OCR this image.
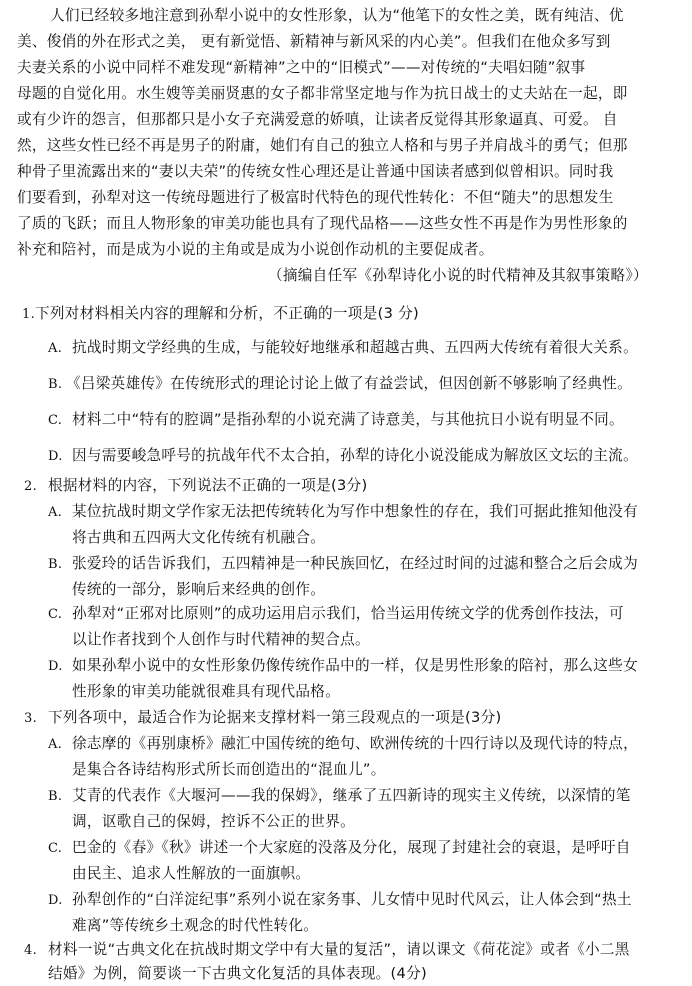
人们已经较多地注意到孙犁小说中的女性形象，认为“他笔下的女性之美，既有纯洁、优
美、俊俏的外在形式之美， 更有新觉悟、新精神与新风采的内心美”。但我们在他众多写到
夫妻关系的小说中同样不难发现“新精神”之中的“旧模式”——对传统的“夫唱妇随”叙事
母题的自觉化用。水生嫂等美丽贤惠的女子都非常坚定地与作为抗日战士的丈夫站在一起，即
或有少许的怨言，但那都只是小女子充满爱意的娇嗔，让读者反觉得其形象逼真、可爱。 自
然，这些女性已经不再是男子的附庸，她们有自己的独立人格和与男子并肩战斗的勇气；但那
种骨子里流露出来的“妻以夫荣”的传统女性心理还是让普通中国读者感到似曾相识。同时我
们要看到，孙犁对这一传统母题进行了极富时代特色的现代性转化：不但“随夫”的思想发生
了质的飞跃；而且人物形象的审美功能也具有了现代品格——这些女性不再是作为男性形象的
补充和陪衬，而是成为小说的主角或是成为小说创作动机的主要促成者。
（摘编自任军《孙犁诗化小说的时代精神及其叙事策略》）
1.下列对材料相关内容的理解和分析，不正确的一项是(3 分)
A. 抗战时期文学经典的生成，与能较好地继承和超越古典、五四两大传统有着很大关系。
B. 《吕梁英雄传》在传统形式的理论讨论上做了有益尝试，但因创新不够影响了经典性。
C. 材料二中“特有的腔调”是指孙犁的小说充满了诗意美，与其他抗日小说有明显不同。
D. 因与需要峻急呼号的抗战年代不太合拍，孙犁的诗化小说没能成为解放区文坛的主流。
2. 根据材料的内容，下列说法不正确的一项是(3分)
A. 某位抗战时期文学作家无法把传统转化为写作中想象性的存在，我们可据此推知他没有
将古典和五四两大文化传统有机融合。
B. 张爱玲的话告诉我们，五四精神是一种民族回忆，在经过时间的过滤和整合之后会成为
传统的一部分，影响后来经典的创作。
C. 孙犁对“正邪对比原则”的成功运用启示我们，恰当运用传统文学的优秀创作技法，可
以让作者找到个人创作与时代精神的契合点。
D. 如果孙犁小说中的女性形象仍像传统作品中的一样，仅是男性形象的陪衬，那么这些女
性形象的审美功能就很难具有现代品格。
3. 下列各项中，最适合作为论据来支撑材料一第三段观点的一项是(3分)
A. 徐志摩的《再别康桥》融汇中国传统的绝句、欧洲传统的十四行诗以及现代诗的特点，
是集合各诗结构形式所长而创造出的“混血儿”。
B. 艾青的代表作《大堰河——我的保姆》，继承了五四新诗的现实主义传统，以深情的笔
调，讴歌自己的保姆，控诉不公正的世界。
C. 巴金的《春》《秋》讲述一个大家庭的没落及分化，展现了封建社会的衰退，是呼吁自
由民主、追求人性解放的一面旗帜。
D. 孙犁创作的“白洋淀纪事”系列小说在家务事、儿女情中见时代风云，让人体会到“热土
难离”等传统乡土观念的时代性转化。
4. 材料一说“古典文化在抗战时期文学中有大量的复活”，请以课文《荷花淀》或者《小二黑
结婚》为例，简要谈一下古典文化复活的具体表现。(4分)
